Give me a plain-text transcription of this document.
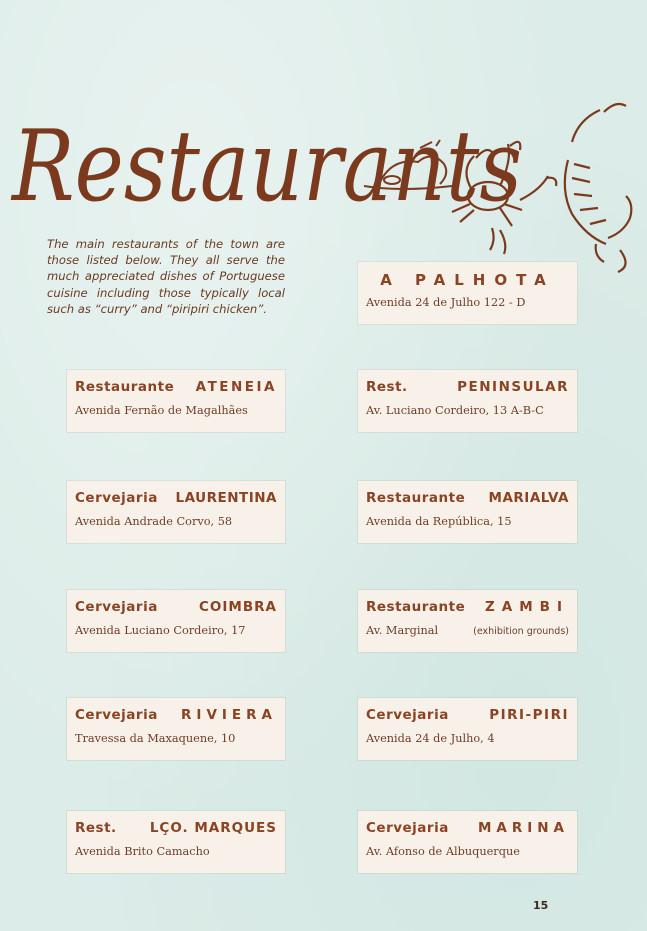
Restaurants

The main restaurants of the town are
those listed below. They all serve the
much appreciated dishes of Portuguese
cuisine including those typically local
such as “curry” and “piripiri chicken”.

A PALHOTA
Avenida 24 de Julho 122 - D
Restaurante ATENEIA
Avenida Fernão de Magalhães
Cervejaria LAURENTINA
Avenida Andrade Corvo, 58
Cervejaria	COIMBRA
Avenida Luciano Cordeiro, 17
Cervejaria RIVIERA
Travessa da Maxaquene, 10
Rest. LÇO. MARQUES
Avenida Brito Camacho
Rest.	PENINSULAR
Av. Luciano Cordeiro, 13 A-B-C
Restaurante MARIALVA
Avenida da República, 15
Restaurante ZAMBI
Av. Marginal	(exhibition grounds)
Cervejaria	PIRI-PIRI
Avenida 24 de Julho, 4
Cervejaria MARINA
Av. Afonso de Albuquerque
15
